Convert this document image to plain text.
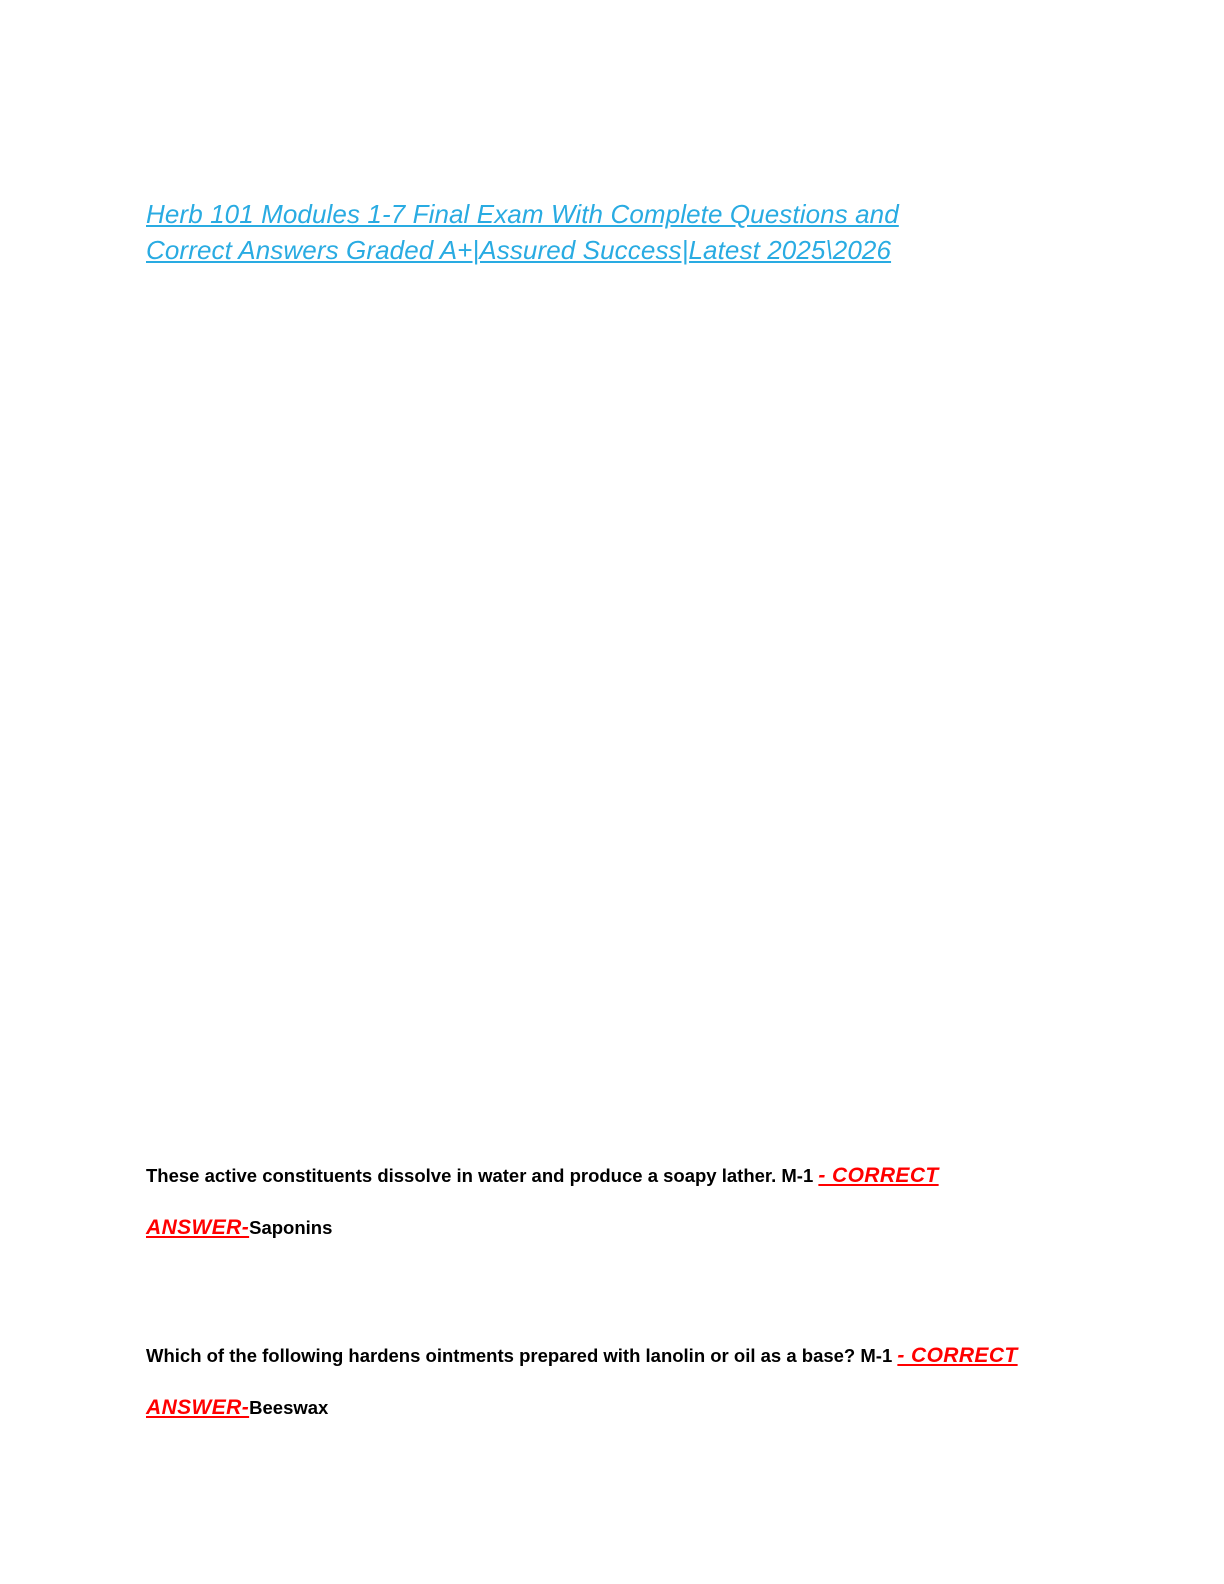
Herb 101 Modules 1-7 Final Exam With Complete Questions and Correct Answers Graded A+|Assured Success|Latest 2025\2026
These active constituents dissolve in water and produce a soapy lather. M-1 - CORRECT ANSWER-Saponins
Which of the following hardens ointments prepared with lanolin or oil as a base? M-1 - CORRECT ANSWER-Beeswax
